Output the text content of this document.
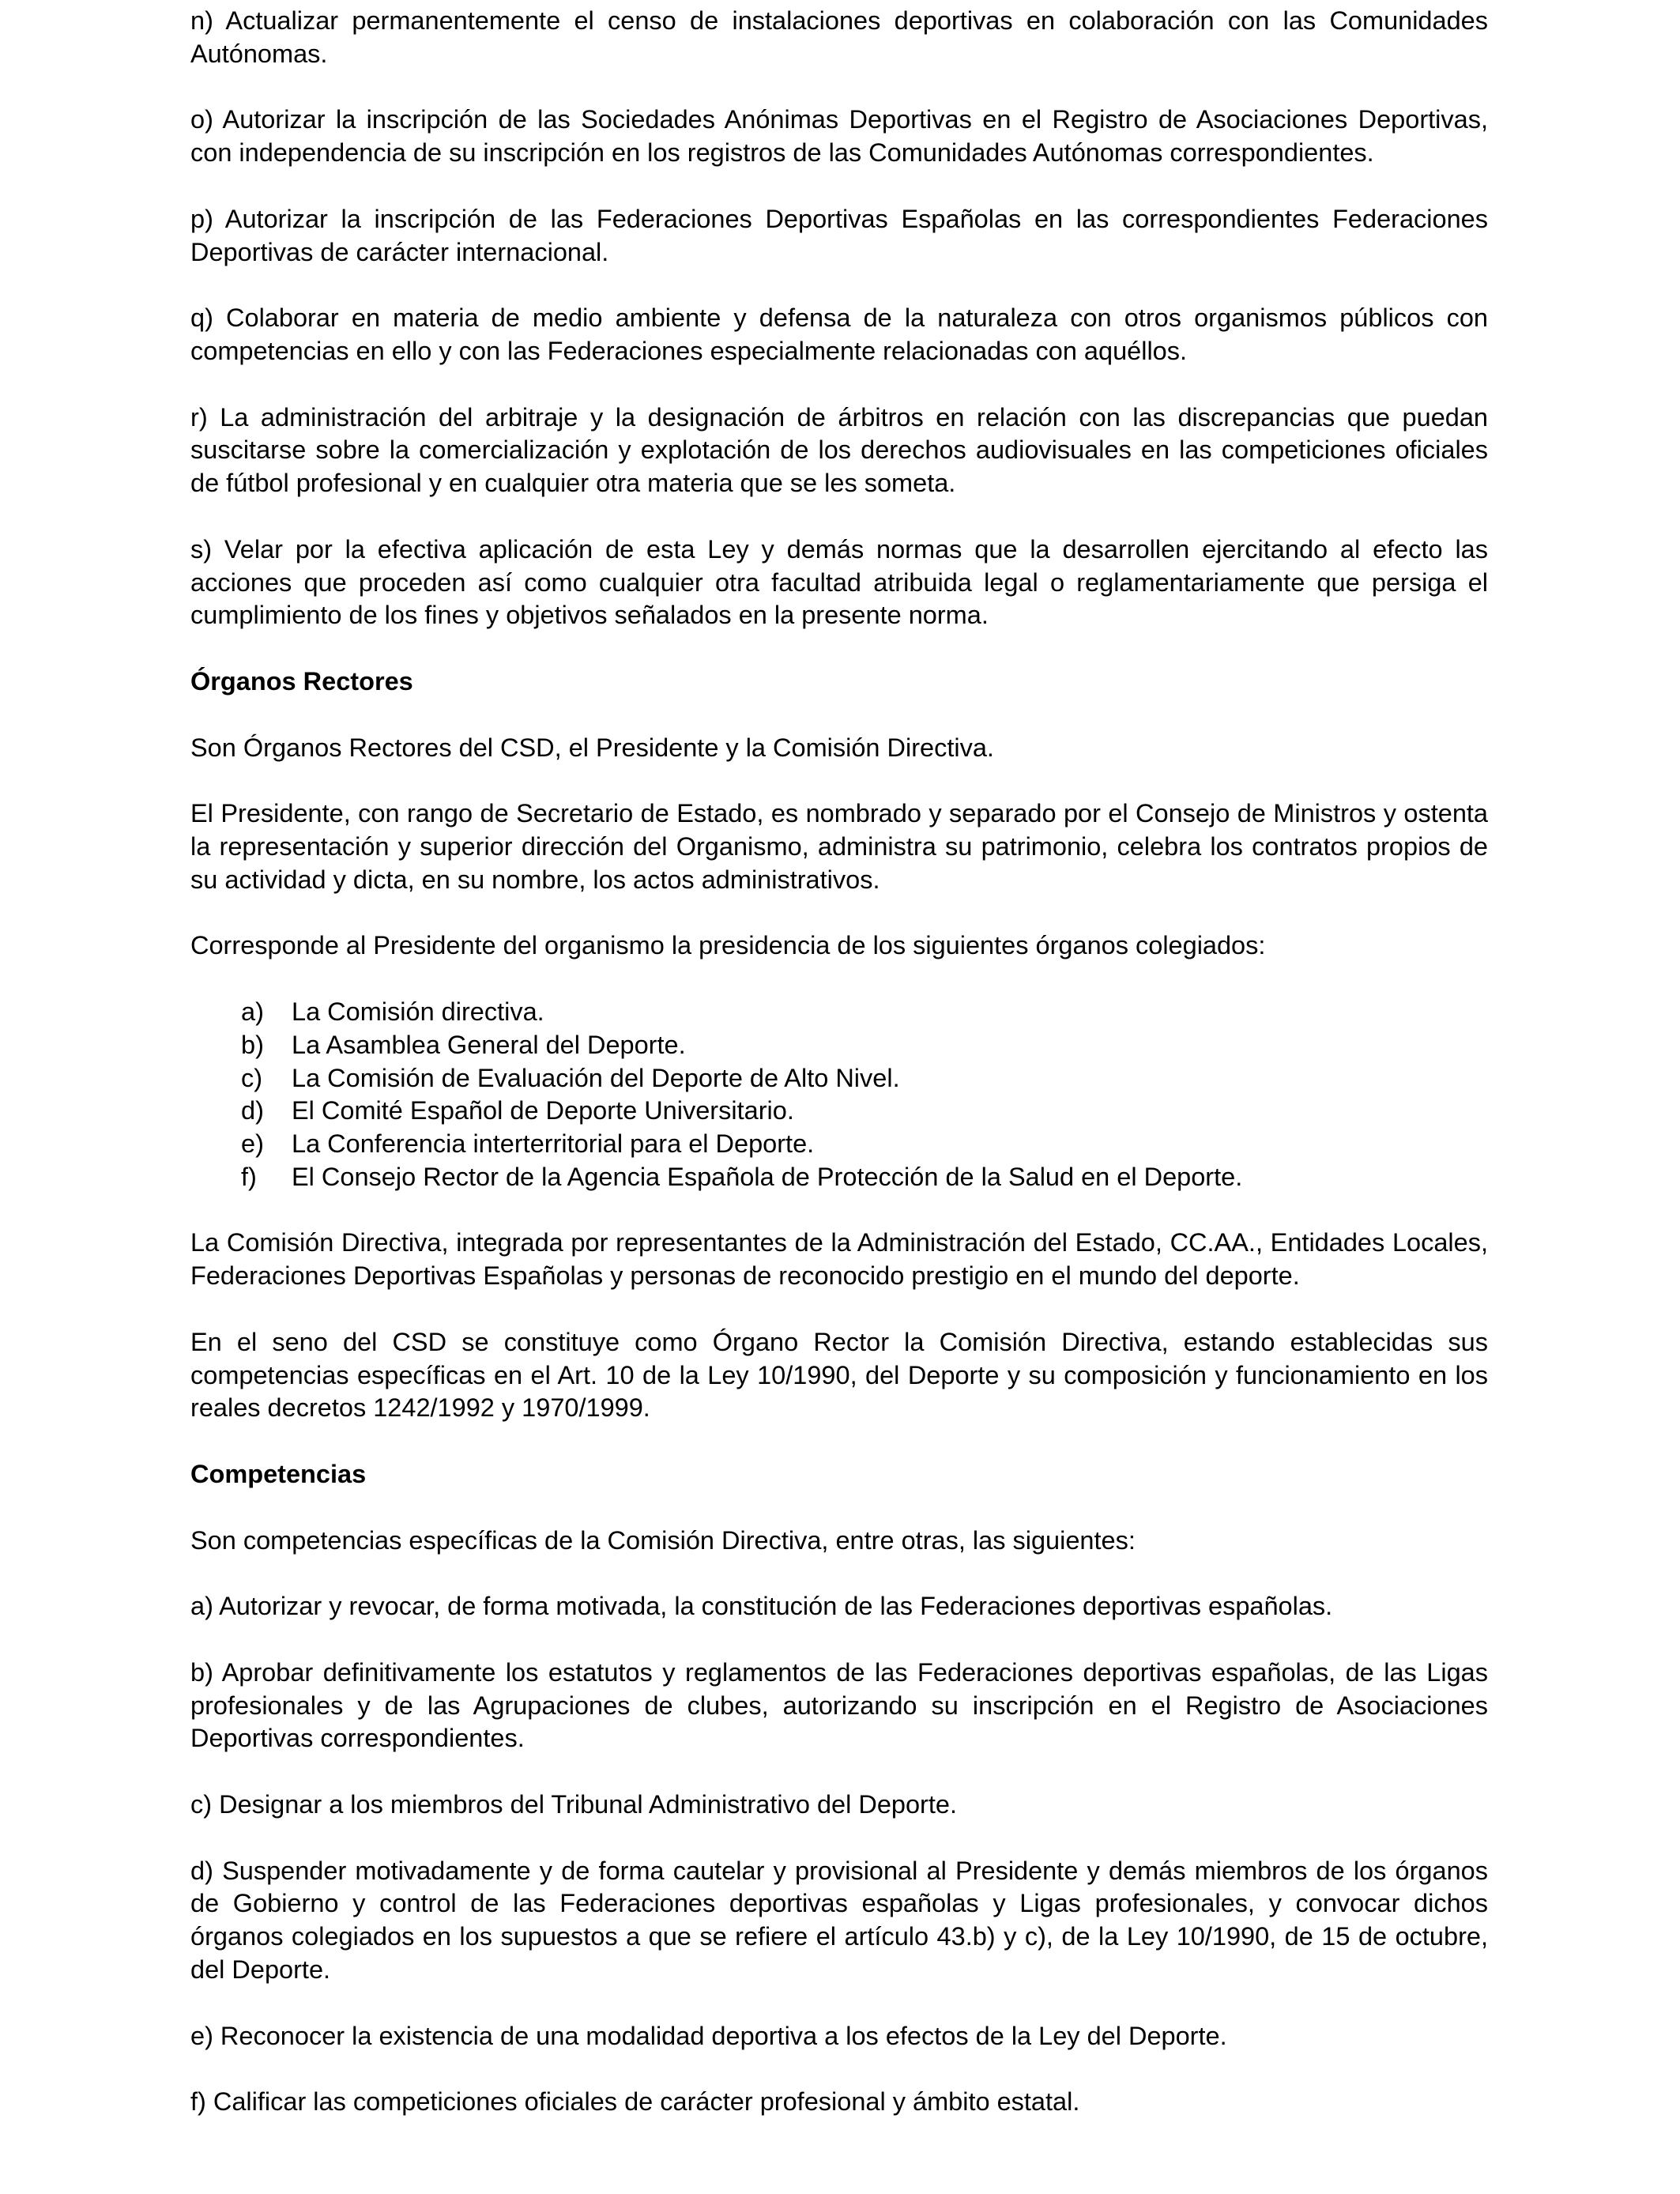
n) Actualizar permanentemente el censo de instalaciones deportivas en colaboración con las Comunidades Autónomas.

o) Autorizar la inscripción de las Sociedades Anónimas Deportivas en el Registro de Asociaciones Deportivas, con independencia de su inscripción en los registros de las Comunidades Autónomas correspondientes.

p) Autorizar la inscripción de las Federaciones Deportivas Españolas en las correspondientes Federaciones Deportivas de carácter internacional.

q) Colaborar en materia de medio ambiente y defensa de la naturaleza con otros organismos públicos con competencias en ello y con las Federaciones especialmente relacionadas con aquéllos.

r) La administración del arbitraje y la designación de árbitros en relación con las discrepancias que puedan suscitarse sobre la comercialización y explotación de los derechos audiovisuales en las competiciones oficiales de fútbol profesional y en cualquier otra materia que se les someta.

s) Velar por la efectiva aplicación de esta Ley y demás normas que la desarrollen ejercitando al efecto las acciones que proceden así como cualquier otra facultad atribuida legal o reglamentariamente que persiga el cumplimiento de los fines y objetivos señalados en la presente norma.

Órganos Rectores

Son Órganos Rectores del CSD, el Presidente y la Comisión Directiva.

El Presidente, con rango de Secretario de Estado, es nombrado y separado por el Consejo de Ministros y ostenta la representación y superior dirección del Organismo, administra su patrimonio, celebra los contratos propios de su actividad y dicta, en su nombre, los actos administrativos.

Corresponde al Presidente del organismo la presidencia de los siguientes órganos colegiados:

a)	La Comisión directiva.
b)	La Asamblea General del Deporte.
c)	La Comisión de Evaluación del Deporte de Alto Nivel.
d)	El Comité Español de Deporte Universitario.
e)	La Conferencia interterritorial para el Deporte.
f)	El Consejo Rector de la Agencia Española de Protección de la Salud en el Deporte.

La Comisión Directiva, integrada por representantes de la Administración del Estado, CC.AA., Entidades Locales, Federaciones Deportivas Españolas y personas de reconocido prestigio en el mundo del deporte.

En el seno del CSD se constituye como Órgano Rector la Comisión Directiva, estando establecidas sus competencias específicas en el Art. 10 de la Ley 10/1990, del Deporte y su composición y funcionamiento en los reales decretos 1242/1992 y 1970/1999.

Competencias

Son competencias específicas de la Comisión Directiva, entre otras, las siguientes:

a) Autorizar y revocar, de forma motivada, la constitución de las Federaciones deportivas españolas.

b) Aprobar definitivamente los estatutos y reglamentos de las Federaciones deportivas españolas, de las Ligas profesionales y de las Agrupaciones de clubes, autorizando su inscripción en el Registro de Asociaciones Deportivas correspondientes.

c) Designar a los miembros del Tribunal Administrativo del Deporte.

d) Suspender motivadamente y de forma cautelar y provisional al Presidente y demás miembros de los órganos de Gobierno y control de las Federaciones deportivas españolas y Ligas profesionales, y convocar dichos órganos colegiados en los supuestos a que se refiere el artículo 43.b) y c), de la Ley 10/1990, de 15 de octubre, del Deporte.

e) Reconocer la existencia de una modalidad deportiva a los efectos de la Ley del Deporte.

f) Calificar las competiciones oficiales de carácter profesional y ámbito estatal.
